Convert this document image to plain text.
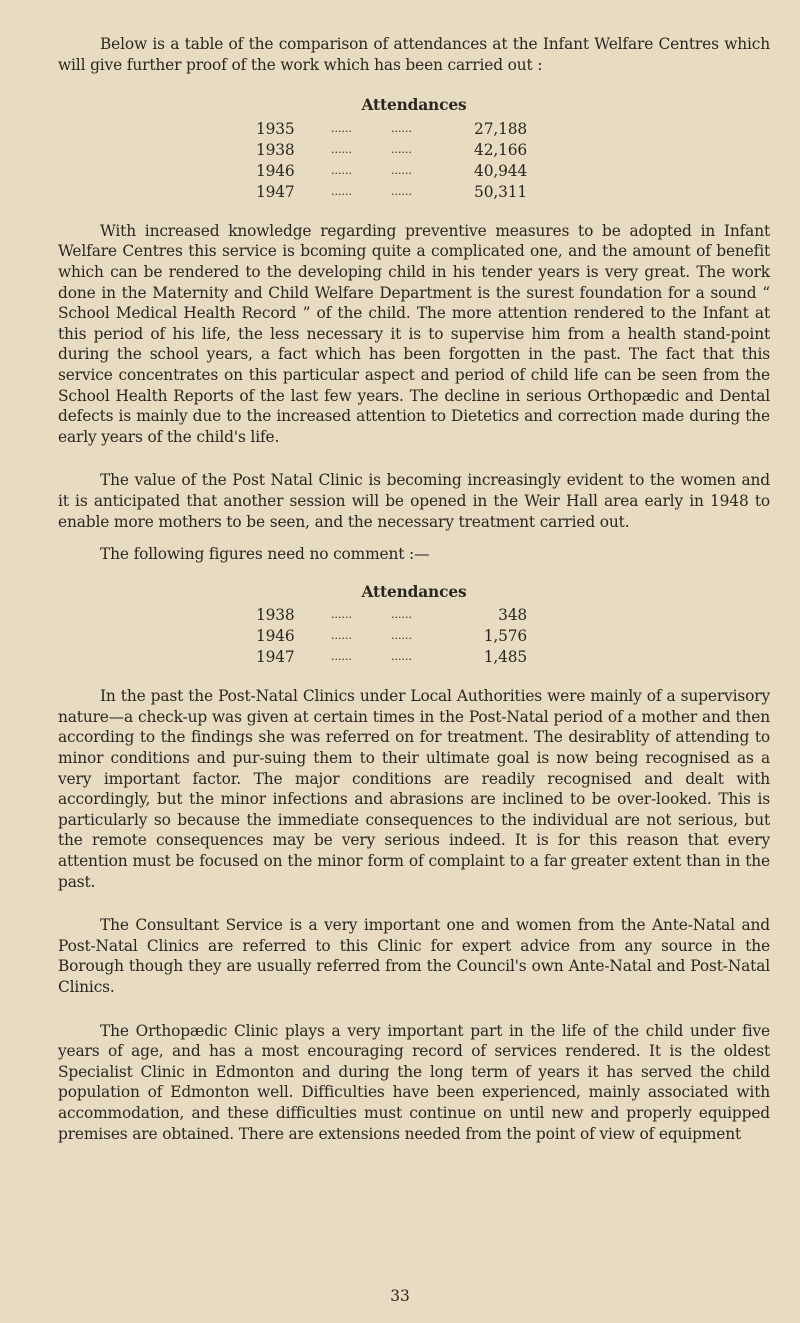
Below is a table of the comparison of attendances at the Infant Welfare Centres which will give further proof of the work which has been carried out :

Attendances
1935	......	......	27,188
1938	......	......	42,166
1946	......	......	40,944
1947	......	......	50,311

With increased knowledge regarding preventive measures to be adopted in Infant Welfare Centres this service is bcoming quite a complicated one, and the amount of benefit which can be rendered to the developing child in his tender years is very great. The work done in the Maternity and Child Welfare Department is the surest foundation for a sound “ School Medical Health Record ” of the child. The more attention rendered to the Infant at this period of his life, the less necessary it is to supervise him from a health stand-point during the school years, a fact which has been forgotten in the past. The fact that this service concentrates on this particular aspect and period of child life can be seen from the School Health Reports of the last few years. The decline in serious Orthopædic and Dental defects is mainly due to the increased attention to Dietetics and correction made during the early years of the child's life.

The value of the Post Natal Clinic is becoming increasingly evident to the women and it is anticipated that another session will be opened in the Weir Hall area early in 1948 to enable more mothers to be seen, and the necessary treatment carried out.

The following figures need no comment :—

Attendances
1938	......	......	348
1946	......	......	1,576
1947	......	......	1,485

In the past the Post-Natal Clinics under Local Authorities were mainly of a supervisory nature—a check-up was given at certain times in the Post-Natal period of a mother and then according to the findings she was referred on for treatment. The desirablity of attending to minor conditions and pur-suing them to their ultimate goal is now being recognised as a very important factor. The major conditions are readily recognised and dealt with accordingly, but the minor infections and abrasions are inclined to be over-looked. This is particularly so because the immediate consequences to the individual are not serious, but the remote consequences may be very serious indeed. It is for this reason that every attention must be focused on the minor form of complaint to a far greater extent than in the past.

The Consultant Service is a very important one and women from the Ante-Natal and Post-Natal Clinics are referred to this Clinic for expert advice from any source in the Borough though they are usually referred from the Council's own Ante-Natal and Post-Natal Clinics.

The Orthopædic Clinic plays a very important part in the life of the child under five years of age, and has a most encouraging record of services rendered. It is the oldest Specialist Clinic in Edmonton and during the long term of years it has served the child population of Edmonton well. Difficulties have been experienced, mainly associated with accommodation, and these difficulties must continue on until new and properly equipped premises are obtained. There are extensions needed from the point of view of equipment

33
